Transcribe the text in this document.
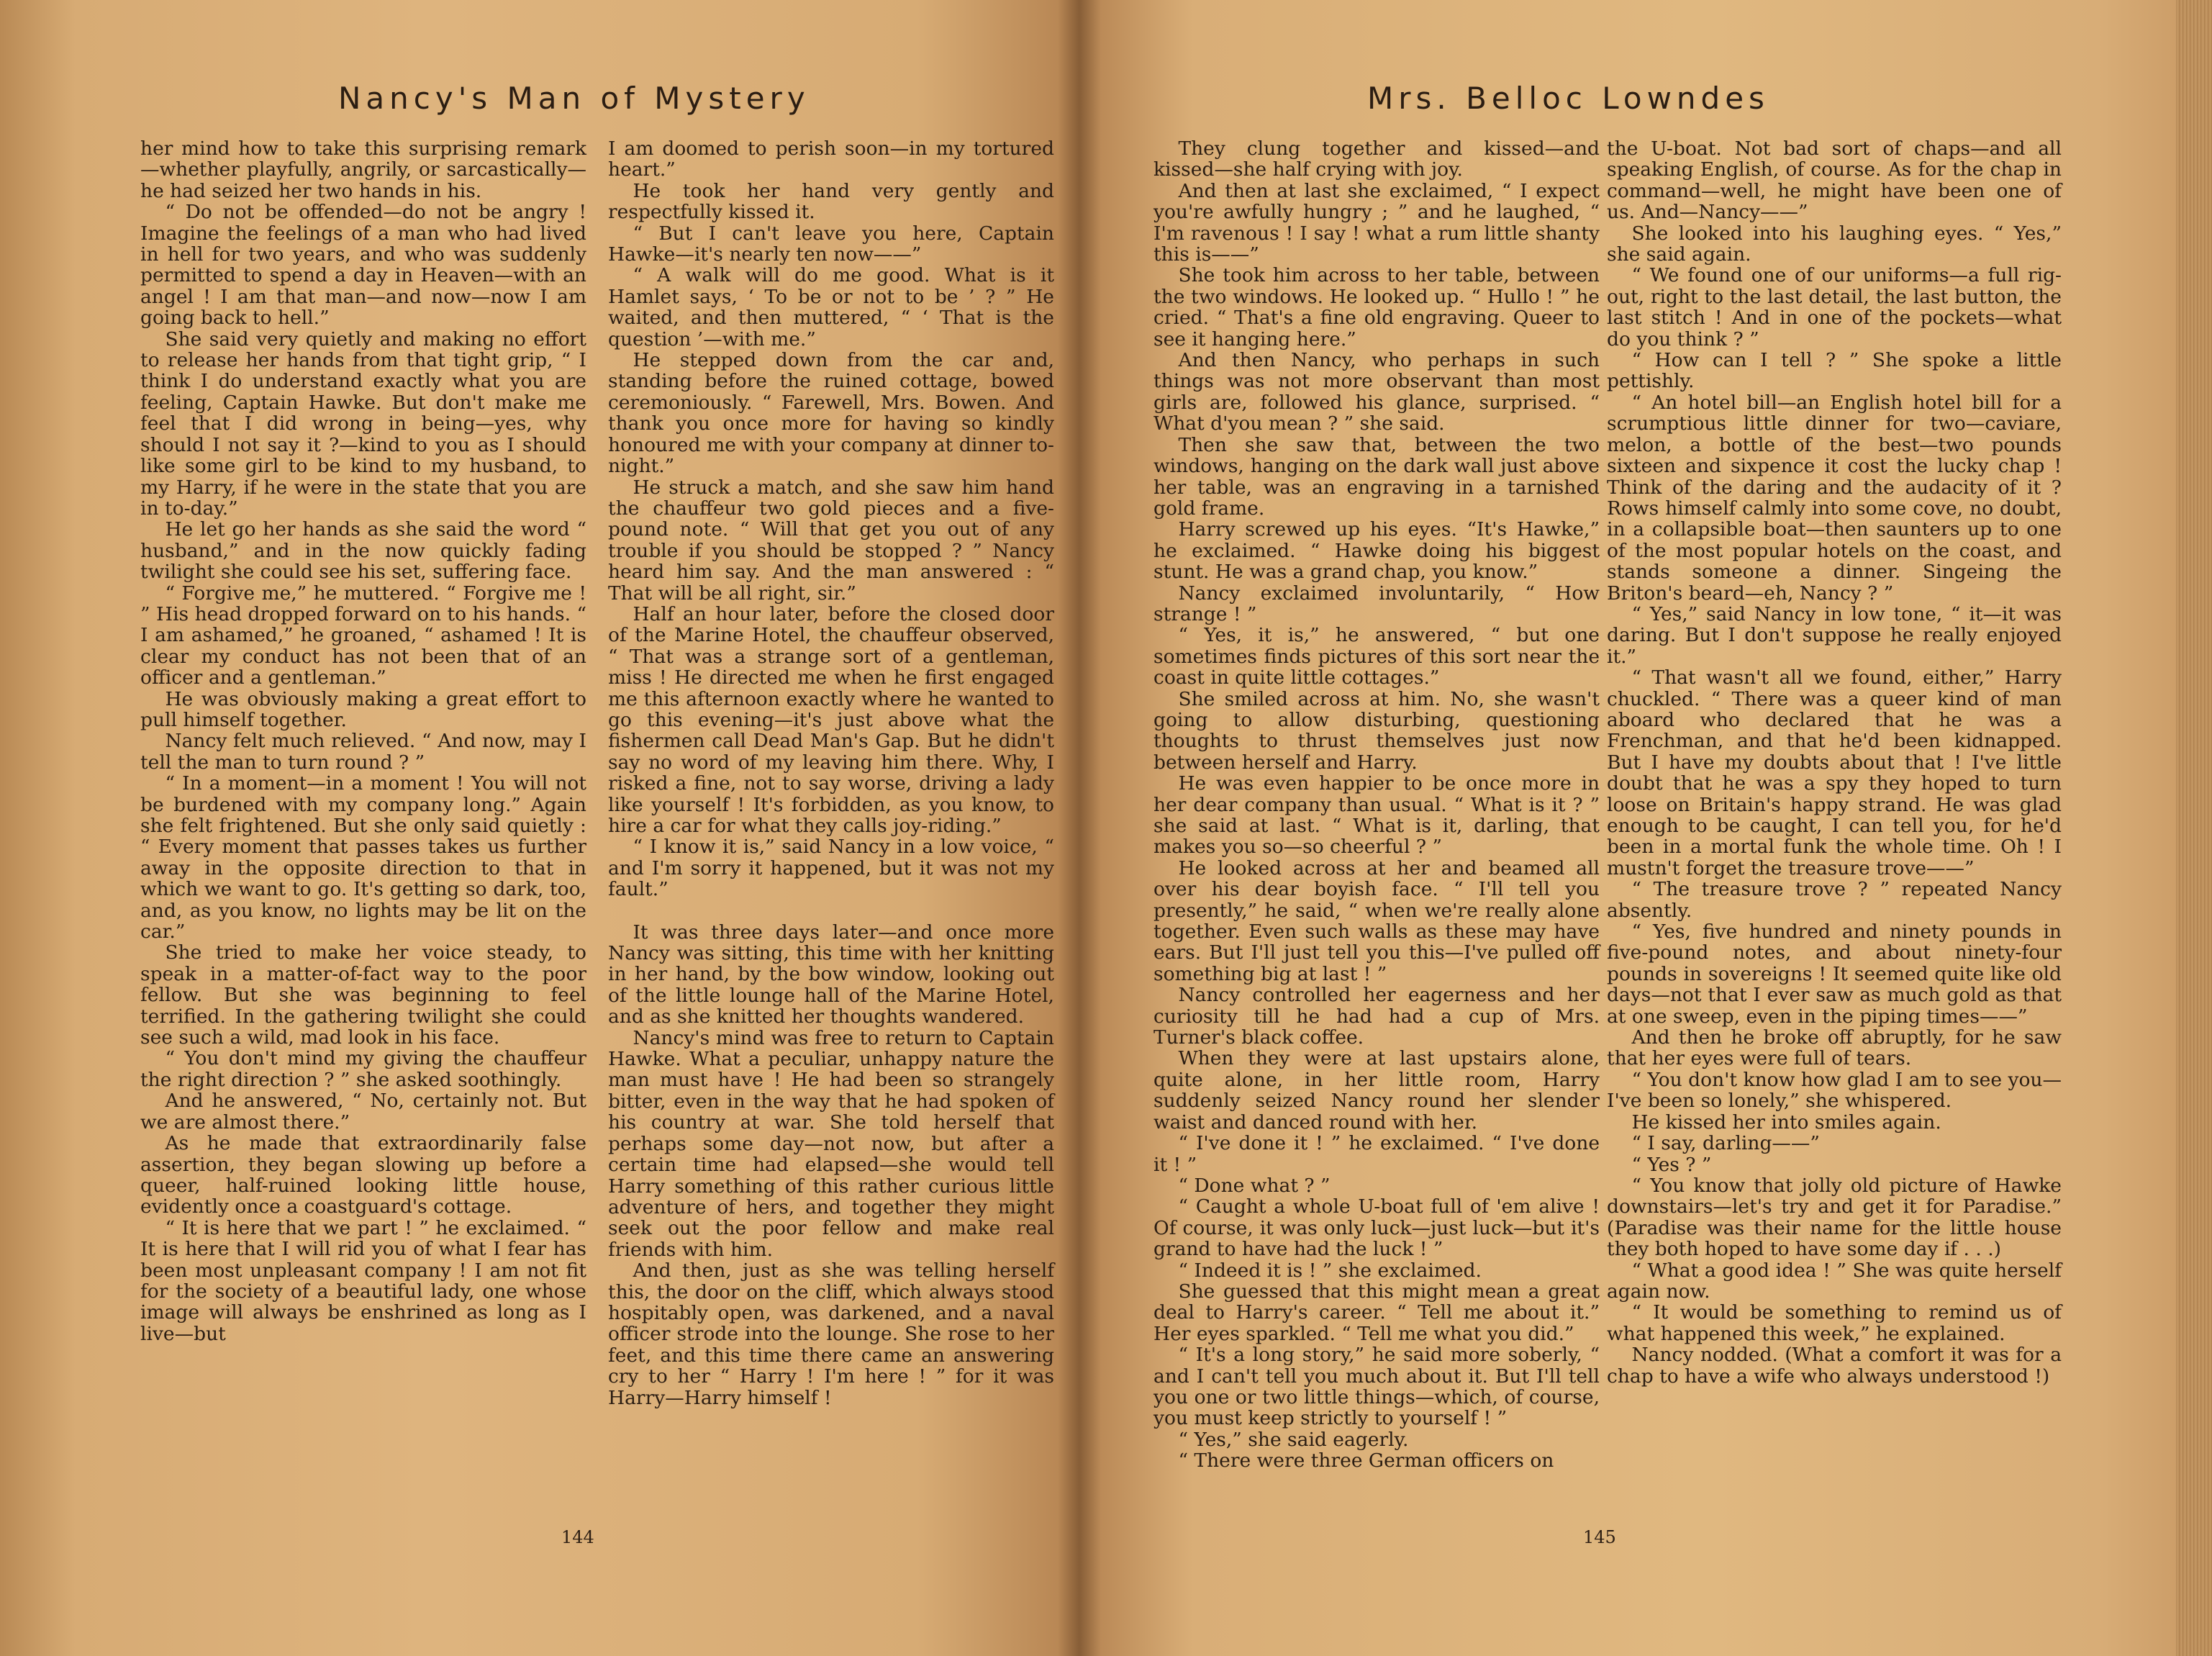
Nancy's Man of Mystery

her mind how to take this surprising remark—whether playfully, angrily, or sarcastically—he had seized her two hands in his.

“ Do not be offended—do not be angry ! Imagine the feelings of a man who had lived in hell for two years, and who was suddenly permitted to spend a day in Heaven—with an angel ! I am that man—and now—now I am going back to hell.”

She said very quietly and making no effort to release her hands from that tight grip, “ I think I do understand exactly what you are feeling, Captain Hawke. But don't make me feel that I did wrong in being—yes, why should I not say it ?—kind to you as I should like some girl to be kind to my husband, to my Harry, if he were in the state that you are in to-day.”

He let go her hands as she said the word “ husband,” and in the now quickly fading twilight she could see his set, suffering face.

“ Forgive me,” he muttered. “ Forgive me ! ” His head dropped forward on to his hands. “ I am ashamed,” he groaned, “ ashamed ! It is clear my conduct has not been that of an officer and a gentleman.”

He was obviously making a great effort to pull himself together.

Nancy felt much relieved. “ And now, may I tell the man to turn round ? ”

“ In a moment—in a moment ! You will not be burdened with my company long.” Again she felt frightened. But she only said quietly : “ Every moment that passes takes us further away in the opposite direction to that in which we want to go. It's getting so dark, too, and, as you know, no lights may be lit on the car.”

She tried to make her voice steady, to speak in a matter-of-fact way to the poor fellow. But she was beginning to feel terrified. In the gathering twilight she could see such a wild, mad look in his face.

“ You don't mind my giving the chauffeur the right direction ? ” she asked soothingly.

And he answered, “ No, certainly not. But we are almost there.”

As he made that extraordinarily false assertion, they began slowing up before a queer, half-ruined looking little house, evidently once a coastguard's cottage.

“ It is here that we part ! ” he exclaimed. “ It is here that I will rid you of what I fear has been most unpleasant company ! I am not fit for the society of a beautiful lady, one whose image will always be enshrined as long as I live—but

I am doomed to perish soon—in my tortured heart.”

He took her hand very gently and respectfully kissed it.

“ But I can't leave you here, Captain Hawke—it's nearly ten now——”

“ A walk will do me good. What is it Hamlet says, ‘ To be or not to be ’ ? ” He waited, and then muttered, “ ‘ That is the question ’—with me.”

He stepped down from the car and, standing before the ruined cottage, bowed ceremoniously. “ Farewell, Mrs. Bowen. And thank you once more for having so kindly honoured me with your company at dinner to-night.”

He struck a match, and she saw him hand the chauffeur two gold pieces and a five-pound note. “ Will that get you out of any trouble if you should be stopped ? ” Nancy heard him say. And the man answered : “ That will be all right, sir.”

Half an hour later, before the closed door of the Marine Hotel, the chauffeur observed, “ That was a strange sort of a gentleman, miss ! He directed me when he first engaged me this afternoon exactly where he wanted to go this evening—it's just above what the fishermen call Dead Man's Gap. But he didn't say no word of my leaving him there. Why, I risked a fine, not to say worse, driving a lady like yourself ! It's forbidden, as you know, to hire a car for what they calls joy-riding.”

“ I know it is,” said Nancy in a low voice, “ and I'm sorry it happened, but it was not my fault.”

It was three days later—and once more Nancy was sitting, this time with her knitting in her hand, by the bow window, looking out of the little lounge hall of the Marine Hotel, and as she knitted her thoughts wandered.

Nancy's mind was free to return to Captain Hawke. What a peculiar, unhappy nature the man must have ! He had been so strangely bitter, even in the way that he had spoken of his country at war. She told herself that perhaps some day—not now, but after a certain time had elapsed—she would tell Harry something of this rather curious little adventure of hers, and together they might seek out the poor fellow and make real friends with him.

And then, just as she was telling herself this, the door on the cliff, which always stood hospitably open, was darkened, and a naval officer strode into the lounge. She rose to her feet, and this time there came an answering cry to her “ Harry ! I'm here ! ” for it was Harry—Harry himself !

144
Mrs. Belloc Lowndes

They clung together and kissed—and kissed—she half crying with joy.

And then at last she exclaimed, “ I expect you're awfully hungry ; ” and he laughed, “ I'm ravenous ! I say ! what a rum little shanty this is——”

She took him across to her table, between the two windows. He looked up. “ Hullo ! ” he cried. “ That's a fine old engraving. Queer to see it hanging here.”

And then Nancy, who perhaps in such things was not more observant than most girls are, followed his glance, surprised. “ What d'you mean ? ” she said.

Then she saw that, between the two windows, hanging on the dark wall just above her table, was an engraving in a tarnished gold frame.

Harry screwed up his eyes. “It's Hawke,” he exclaimed. “ Hawke doing his biggest stunt. He was a grand chap, you know.”

Nancy exclaimed involuntarily, “ How strange ! ”

“ Yes, it is,” he answered, “ but one sometimes finds pictures of this sort near the coast in quite little cottages.”

She smiled across at him. No, she wasn't going to allow disturbing, questioning thoughts to thrust themselves just now between herself and Harry.

He was even happier to be once more in her dear company than usual. “ What is it ? ” she said at last. “ What is it, darling, that makes you so—so cheerful ? ”

He looked across at her and beamed all over his dear boyish face. “ I'll tell you presently,” he said, “ when we're really alone together. Even such walls as these may have ears. But I'll just tell you this—I've pulled off something big at last ! ”

Nancy controlled her eagerness and her curiosity till he had had a cup of Mrs. Turner's black coffee.

When they were at last upstairs alone, quite alone, in her little room, Harry suddenly seized Nancy round her slender waist and danced round with her.

“ I've done it ! ” he exclaimed. “ I've done it ! ”

“ Done what ? ”

“ Caught a whole U-boat full of 'em alive ! Of course, it was only luck—just luck—but it's grand to have had the luck ! ”

“ Indeed it is ! ” she exclaimed.

She guessed that this might mean a great deal to Harry's career. “ Tell me about it.” Her eyes sparkled. “ Tell me what you did.”

“ It's a long story,” he said more soberly, “ and I can't tell you much about it. But I'll tell you one or two little things—which, of course, you must keep strictly to yourself ! ”

“ Yes,” she said eagerly.

“ There were three German officers on

the U-boat. Not bad sort of chaps—and all speaking English, of course. As for the chap in command—well, he might have been one of us. And—Nancy——”

She looked into his laughing eyes. “ Yes,” she said again.

“ We found one of our uniforms—a full rig-out, right to the last detail, the last button, the last stitch ! And in one of the pockets—what do you think ? ”

“ How can I tell ? ” She spoke a little pettishly.

“ An hotel bill—an English hotel bill for a scrumptious little dinner for two—caviare, melon, a bottle of the best—two pounds sixteen and sixpence it cost the lucky chap ! Think of the daring and the audacity of it ? Rows himself calmly into some cove, no doubt, in a collapsible boat—then saunters up to one of the most popular hotels on the coast, and stands someone a dinner. Singeing the Briton's beard—eh, Nancy ? ”

“ Yes,” said Nancy in low tone, “ it—it was daring. But I don't suppose he really enjoyed it.”

“ That wasn't all we found, either,” Harry chuckled. “ There was a queer kind of man aboard who declared that he was a Frenchman, and that he'd been kidnapped. But I have my doubts about that ! I've little doubt that he was a spy they hoped to turn loose on Britain's happy strand. He was glad enough to be caught, I can tell you, for he'd been in a mortal funk the whole time. Oh ! I mustn't forget the treasure trove——”

“ The treasure trove ? ” repeated Nancy absently.

“ Yes, five hundred and ninety pounds in five-pound notes, and about ninety-four pounds in sovereigns ! It seemed quite like old days—not that I ever saw as much gold as that at one sweep, even in the piping times——”

And then he broke off abruptly, for he saw that her eyes were full of tears.

“ You don't know how glad I am to see you—I've been so lonely,” she whispered.

He kissed her into smiles again.

“ I say, darling——”

“ Yes ? ”

“ You know that jolly old picture of Hawke downstairs—let's try and get it for Paradise.” (Paradise was their name for the little house they both hoped to have some day if . . .)

“ What a good idea ! ” She was quite herself again now.

“ It would be something to remind us of what happened this week,” he explained.

Nancy nodded. (What a comfort it was for a chap to have a wife who always understood !)

145
